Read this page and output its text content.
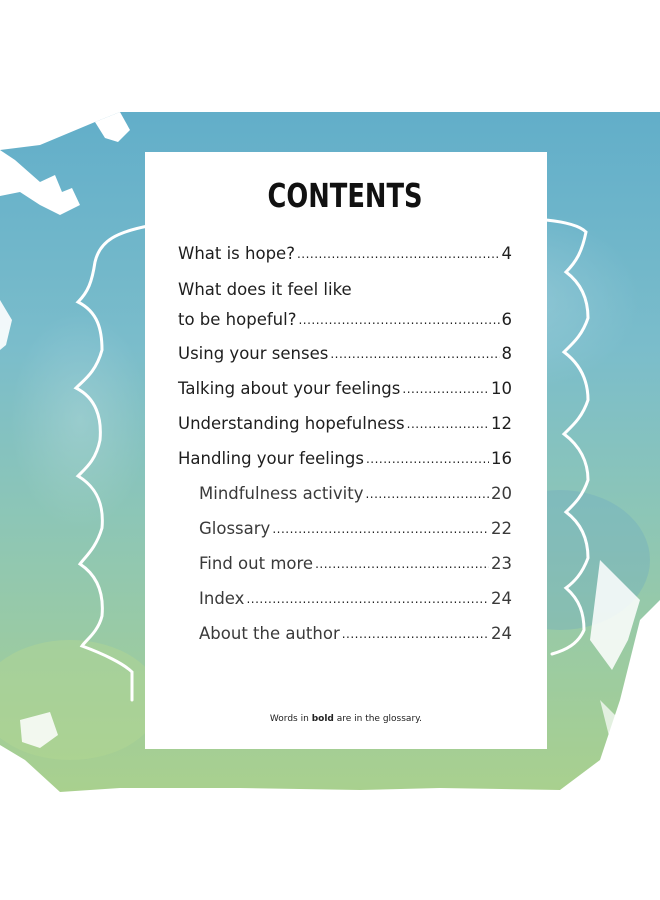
CONTENTS
What is hope? .....	4
What does it feel like
to be hopeful? .....	6
Using your senses .....	8
Talking about your feelings .....	10
Understanding hopefulness .....	12
Handling your feelings .....	16
Mindfulness activity .....	20
Glossary .....	22
Find out more .....	23
Index .....	24
About the author .....	24
Words in bold are in the glossary.
